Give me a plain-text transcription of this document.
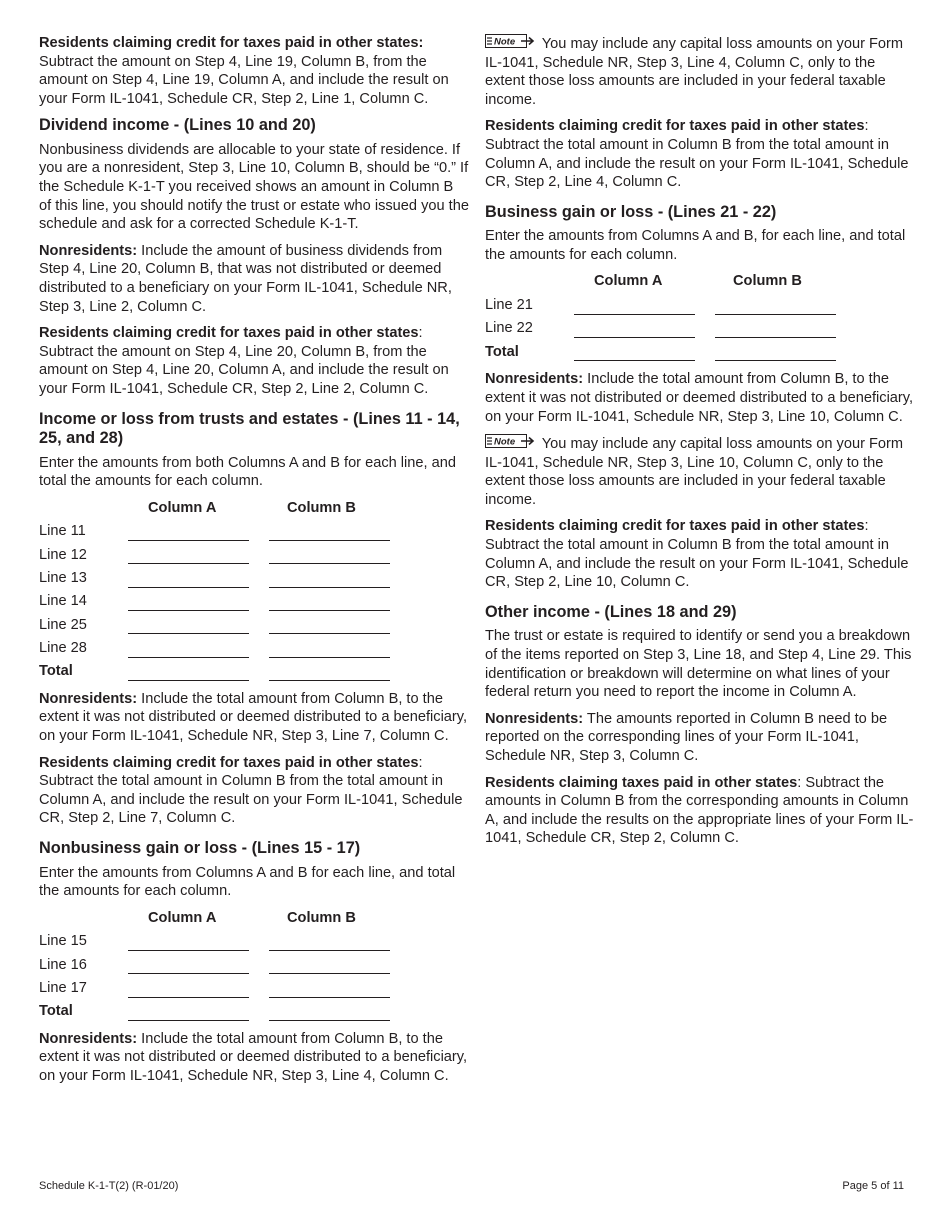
Residents claiming credit for taxes paid in other states: Subtract the amount on Step 4, Line 19, Column B, from the amount on Step 4, Line 19, Column A, and include the result on your Form IL-1041, Schedule CR, Step 2, Line 1, Column C.

Dividend income - (Lines 10 and 20)

Nonbusiness dividends are allocable to your state of residence. If you are a nonresident, Step 3, Line 10, Column B, should be “0.” If the Schedule K-1-T you received shows an amount in Column B of this line, you should notify the trust or estate who issued you the schedule and ask for a corrected Schedule K-1-T.

Nonresidents: Include the amount of business dividends from Step 4, Line 20, Column B, that was not distributed or deemed distributed to a beneficiary on your Form IL-1041, Schedule NR, Step 3, Line 2, Column C.

Residents claiming credit for taxes paid in other states: Subtract the amount on Step 4, Line 20, Column B, from the amount on Step 4, Line 20, Column A, and include the result on your Form IL-1041, Schedule CR, Step 2, Line 2, Column C.

Income or loss from trusts and estates - (Lines 11 - 14, 25, and 28)

Enter the amounts from both Columns A and B for each line, and total the amounts for each column.

Column A	Column B
Line 11
Line 12
Line 13
Line 14
Line 25
Line 28
Total

Nonresidents: Include the total amount from Column B, to the extent it was not distributed or deemed distributed to a beneficiary, on your Form IL-1041, Schedule NR, Step 3, Line 7, Column C.

Residents claiming credit for taxes paid in other states: Subtract the total amount in Column B from the total amount in Column A, and include the result on your Form IL-1041, Schedule CR, Step 2, Line 7, Column C.

Nonbusiness gain or loss - (Lines 15 - 17)

Enter the amounts from Columns A and B for each line, and total the amounts for each column.

Column A	Column B
Line 15
Line 16
Line 17
Total

Nonresidents: Include the total amount from Column B, to the extent it was not distributed or deemed distributed to a beneficiary, on your Form IL-1041, Schedule NR, Step 3, Line 4, Column C.

Note You may include any capital loss amounts on your Form IL-1041, Schedule NR, Step 3, Line 4, Column C, only to the extent those loss amounts are included in your federal taxable income.

Residents claiming credit for taxes paid in other states: Subtract the total amount in Column B from the total amount in Column A, and include the result on your Form IL-1041, Schedule CR, Step 2, Line 4, Column C.

Business gain or loss - (Lines 21 - 22)

Enter the amounts from Columns A and B, for each line, and total the amounts for each column.

Column A	Column B
Line 21
Line 22
Total

Nonresidents: Include the total amount from Column B, to the extent it was not distributed or deemed distributed to a beneficiary, on your Form IL-1041, Schedule NR, Step 3, Line 10, Column C.

Note You may include any capital loss amounts on your Form IL-1041, Schedule NR, Step 3, Line 10, Column C, only to the extent those loss amounts are included in your federal taxable income.

Residents claiming credit for taxes paid in other states: Subtract the total amount in Column B from the total amount in Column A, and include the result on your Form IL-1041, Schedule CR, Step 2, Line 10, Column C.

Other income - (Lines 18 and 29)

The trust or estate is required to identify or send you a breakdown of the items reported on Step 3, Line 18, and Step 4, Line 29. This identification or breakdown will determine on what lines of your federal return you need to report the income in Column A.

Nonresidents: The amounts reported in Column B need to be reported on the corresponding lines of your Form IL-1041, Schedule NR, Step 3, Column C.

Residents claiming taxes paid in other states: Subtract the amounts in Column B from the corresponding amounts in Column A, and include the results on the appropriate lines of your Form IL-1041, Schedule CR, Step 2, Column C.

Schedule K-1-T(2) (R-01/20)	Page 5 of 11
